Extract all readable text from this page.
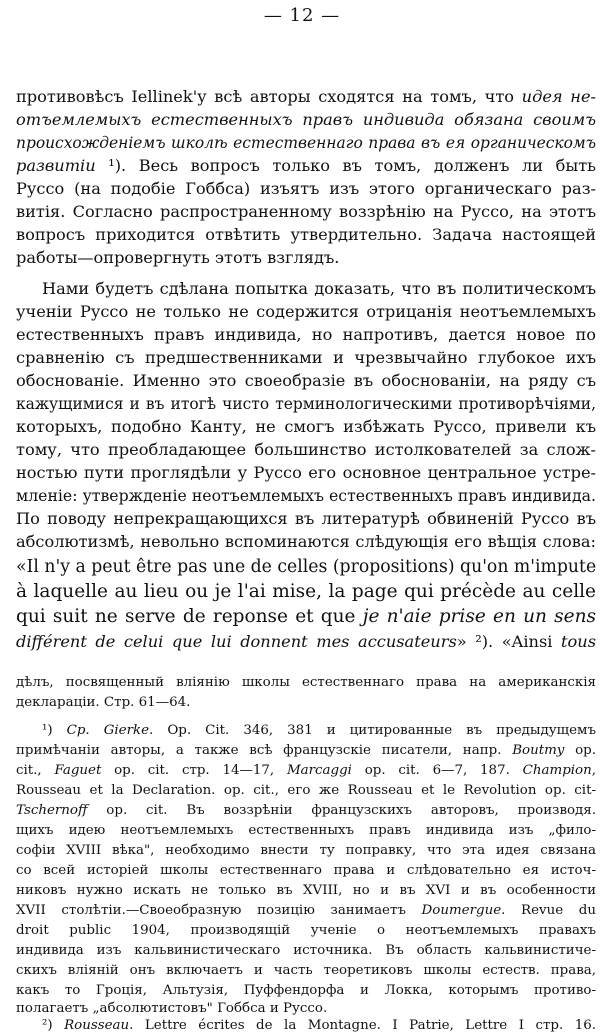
— 12 —
противовѣсъ Iellinek'у всѣ авторы сходятся на томъ, что идея не-
отъемлемыхъ естественныхъ правъ индивида обязана своимъ
происхожденiемъ школѣ естественнаго права въ ея органическомъ
развитiи ¹). Весь вопросъ только въ томъ, долженъ ли быть
Руссо (на подобiе Гоббса) изъятъ изъ этого органическаго раз-
витiя. Согласно распространенному воззрѣнiю на Руссо, на этотъ
вопросъ приходится отвѣтить утвердительно. Задача настоящей
работы—опровергнуть этотъ взглядъ.
Нами будетъ сдѣлана попытка доказать, что въ политическомъ
ученiи Руссо не только не содержится отрицанiя неотъемлемыхъ
естественныхъ правъ индивида, но напротивъ, дается новое по
сравненiю съ предшественниками и чрезвычайно глубокое ихъ
обоснованiе. Именно это своеобразiе въ обоснованiи, на ряду съ
кажущимися и въ итогѣ чисто терминологическими противорѣчiями,
которыхъ, подобно Канту, не смогъ избѣжать Руссо, привели къ
тому, что преобладающее большинство истолкователей за слож-
ностью пути проглядѣли у Руссо его основное центральное устре-
мленiе: утвержденiе неотъемлемыхъ естественныхъ правъ индивида.
По поводу непрекращающихся въ литературѣ обвиненiй Руссо въ
абсолютизмѣ, невольно вспоминаются слѣдующiя его вѣщiя слова:
«Il n'y a peut être pas une de celles (propositions) qu'on m'impute
à laquelle au lieu ou je l'ai mise, la page qui précède au celle
qui suit ne serve de reponse et que je n'aie prise en un sens
différent de celui que lui donnent mes accusateurs» ²). «Ainsi tous
дѣлъ, посвященный влiянiю школы естественнаго права на американскiя
декларацiи. Стр. 61—64.
¹) Ср. Gierke. Op. Cit. 346, 381 и цитированные въ предыдущемъ
примѣчанiи авторы, а также всѣ французскiе писатели, напр. Boutmy op.
cit., Faguet op. cit. стр. 14—17, Marcaggi op. cit. 6—7, 187. Champion,
Rousseau et la Declaration. op. cit., его же Rousseau et le Revolution op. cit-
Tschernoff op. cit. Въ воззрѣнiи французскихъ авторовъ, производя.
щихъ идею неотъемлемыхъ естественныхъ правъ индивида изъ „фило-
софiи XVIII вѣка", необходимо внести ту поправку, что эта идея связана
со всей исторiей школы естественнаго права и слѣдовательно ея источ-
никовъ нужно искать не только въ XVIII, но и въ XVI и въ особенности
XVII столѣтiи.—Своеобразную позицiю занимаетъ Doumergue. Revue du
droit public 1904, производящiй ученiе о неотъемлемыхъ правахъ
индивида изъ кальвинистическаго источника. Въ область кальвинистиче-
скихъ влiянiй онъ включаетъ и часть теоретиковъ школы естеств. права,
какъ то Гроцiя, Альтузiя, Пуффендорфа и Локка, которымъ противо-
полагаетъ „абсолютистовъ" Гоббса и Руссо.
²) Rousseau. Lettre écrites de la Montagne. I Patrie, Lettre I стр. 16.
